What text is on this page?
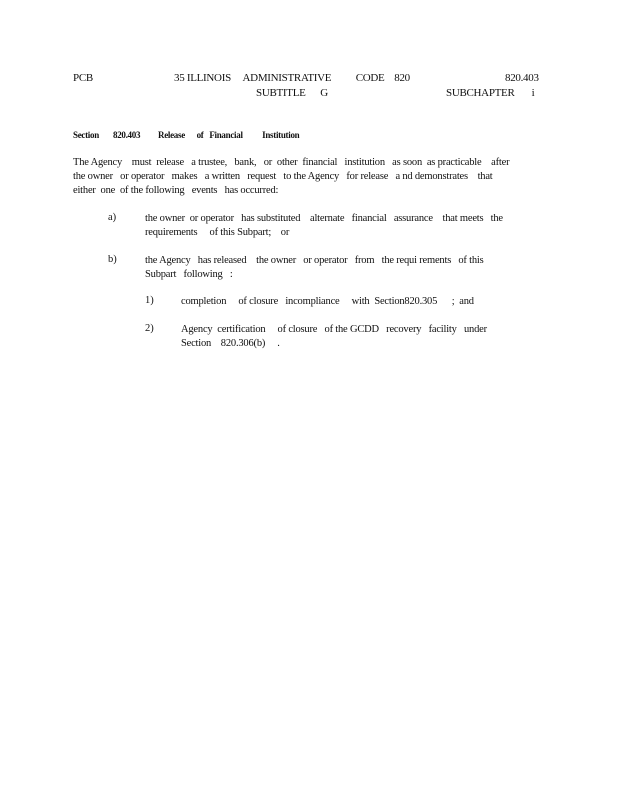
PCB	35 ILLINOIS     ADMINISTRATIVE          CODE    820	820.403
SUBTITLE      G	SUBCHAPTER       i
Section 820.403 Release      of   Financial          Institution
The Agency    must  release   a trustee,   bank,   or  other  financial   institution   as soon  as practicable    after
the owner   or operator   makes   a written   request   to the Agency   for release   a nd demonstrates    that
either  one  of the following   events   has occurred:
a)	the owner  or operator   has substituted    alternate   financial   assurance    that meets   the
requirements     of this Subpart;    or
b)	the Agency   has released    the owner   or operator   from   the requi rements   of this
Subpart   following   :
1)	completion     of closure   incompliance     with  Section820.305      ;  and
2)	Agency  certification     of closure   of the GCDD   recovery   facility   under
Section    820.306(b)     .
